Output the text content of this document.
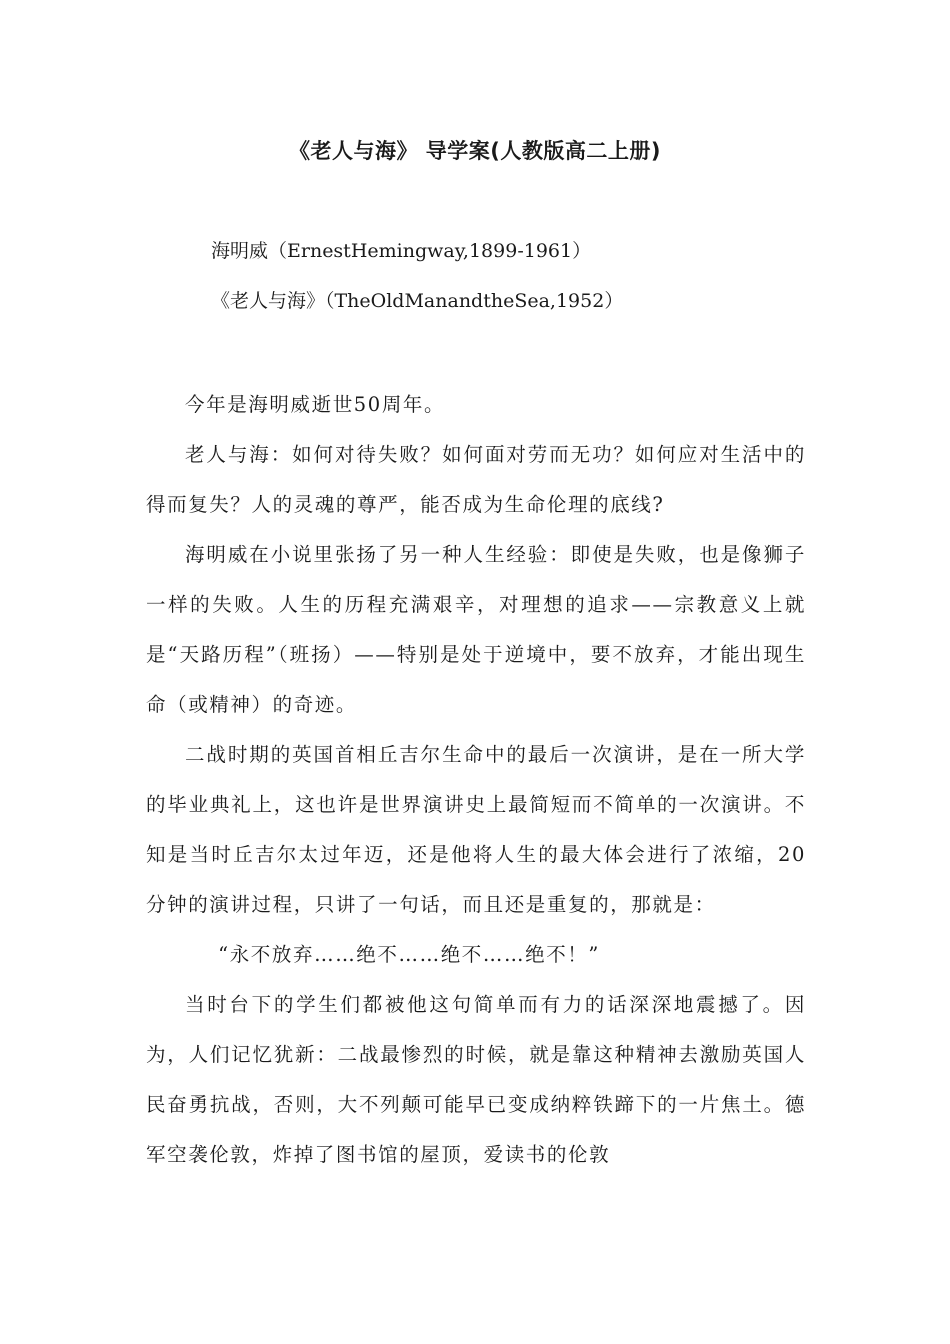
《老人与海》 导学案(人教版高二上册)

海明威（ErnestHemingway,1899-1961）

《老人与海》（TheOldManandtheSea,1952）

今年是海明威逝世50周年。

老人与海：如何对待失败？如何面对劳而无功？如何应对生活中的得而复失？人的灵魂的尊严，能否成为生命伦理的底线?

海明威在小说里张扬了另一种人生经验：即使是失败，也是像狮子一样的失败。人生的历程充满艰辛，对理想的追求——宗教意义上就是“天路历程”（班扬）——特别是处于逆境中，要不放弃，才能出现生命（或精神）的奇迹。

二战时期的英国首相丘吉尔生命中的最后一次演讲，是在一所大学的毕业典礼上，这也许是世界演讲史上最简短而不简单的一次演讲。不知是当时丘吉尔太过年迈，还是他将人生的最大体会进行了浓缩，20分钟的演讲过程，只讲了一句话，而且还是重复的，那就是：

“永不放弃……绝不……绝不……绝不！”

当时台下的学生们都被他这句简单而有力的话深深地震撼了。因为，人们记忆犹新：二战最惨烈的时候，就是靠这种精神去激励英国人民奋勇抗战，否则，大不列颠可能早已变成纳粹铁蹄下的一片焦土。德军空袭伦敦，炸掉了图书馆的屋顶，爱读书的伦敦
